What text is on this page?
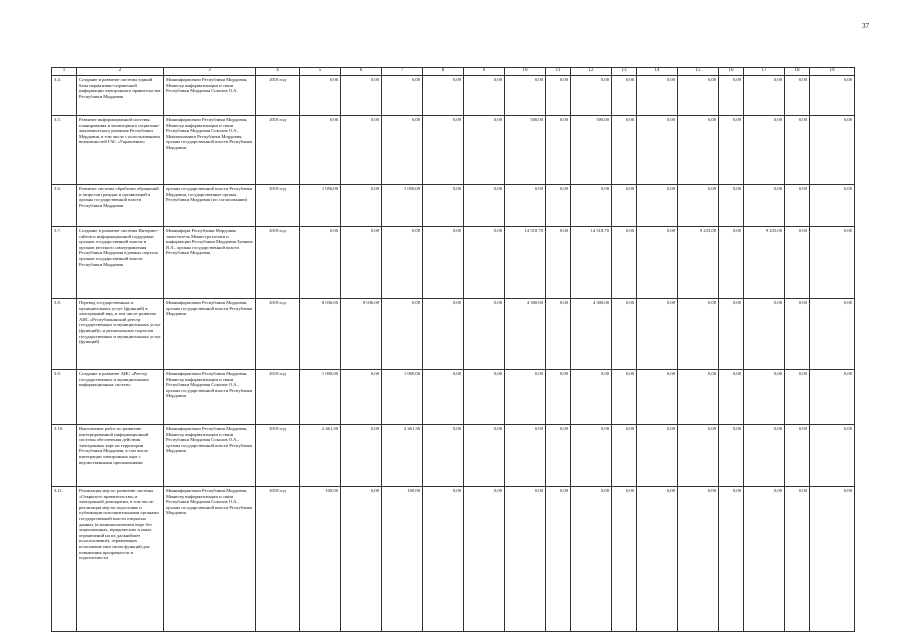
37
1	2	3	4	5	6	7	8	9	10	11	12	13	14	15	16	17	18	19
3.4.	Создание и развитие системы единой базы нормативно-справочной информации электронного правительства Республики Мордовия	Мининформсвязи Республики Мордовия, Министр информатизации и связи Республики Мордовия Соколов О.А.	2018 год	0,00	0,00	0,00	0,00	0,00	0,00	0,00	0,00	0,00	0,00	0,00	0,00	0,00	0,00	0,00
3.5.	Развитие информационной системы планирования и мониторинга социально-экономического развития Республики Мордовия, в том числе с использованием возможностей ГАС «Управление»	Мининформсвязи Республики Мордовия, Министр информатизации и связи Республики Мордовия Соколов О.А., Минэкономики Республики Мордовия, органы государственной власти Республики Мордовия	2018 год	0,00	0,00	0,00	0,00	0,00	500,00	0,00	500,00	0,00	0,00	0,00	0,00	0,00	0,00	0,00
3.6.	Развитие системы обработки обращений и запросов граждан и организаций в органы государственной власти Республики Мордовия	органы государственной власти Республики Мордовия, государственные органы Республики Мордовия (по согласованию)	2018 год	1 050,00	0,00	1 050,00	0,00	0,00	0,00	0,00	0,00	0,00	0,00	0,00	0,00	0,00	0,00	0,00
3.7.	Создание и развитие системы Интернет-сайтов и информационной поддержки органов государственной власти и органов местного самоуправления Республики Мордовия в рамках портала органов государственной власти Республики Мордовия	Мининформ Республики Мордовия, заместитель Министра печати и информации Республики Мордовия Зуенков В.А., органы государственной власти Республики Мордовия	2018 год	0,00	0,00	0,00	0,00	0,00	14 518,70	0,00	14 518,70	0,00	0,00	9 235,00	0,00	9 235,00	0,00	0,00
3.8.	Перевод государственных и муниципальных услуг (функций) в электронный вид, в том числе развитие АИС «Республиканский реестр государственных и муниципальных услуг (функций)» и региональных порталов государственных и муниципальных услуг (функций)	Мининформсвязи Республики Мордовия, органы государственной власти Республики Мордовия	2018 год	8 036,00	8 036,00	0,00	0,00	0,00	4 300,00	0,00	4 300,00	0,00	0,00	0,00	0,00	0,00	0,00	0,00
3.9.	Создание и развитие АИС «Реестр государственных и муниципальных информационных систем»	Мининформсвязи Республики Мордовия, Министр информатизации и связи Республики Мордовия Соколов О.А., органы государственной власти Республики Мордовия	2018 год	1 000,00	0,00	1 000,00	0,00	0,00	0,00	0,00	0,00	0,00	0,00	0,00	0,00	0,00	0,00	0,00
3.10.	Выполнение работ по развитию интегрированной информационной системы обеспечения действия электронных карт на территории Республики Мордовия, в том числе интеграции электронных карт с ведомственными приложениями	Мининформсвязи Республики Мордовия, Министр информатизации и связи Республики Мордовия Соколов О.А., органы государственной власти Республики Мордовия	2018 год	2 461,30	0,00	2 461,30	0,00	0,00	0,00	0,00	0,00	0,00	0,00	0,00	0,00	0,00	0,00	0,00
3.11.	Реализация мер по развитию системы «Открытого правительства» в электронной демократии, в том числе: реализация мер по подготовке и публикации исполнительными органами государственной власти открытых данных (в машиночитаемом виде без лицензионных, юридических и иных ограничений на их дальнейшее использование), отражающих исполнение ими своих функций для повышения прозрачности и подотчетности	Мининформсвязи Республики Мордовия, Министр информатизации и связи Республики Мордовия Соколов О.А., органы государственной власти Республики Мордовия	2018 год	100,00	0,00	100,00	0,00	0,00	0,00	0,00	0,00	0,00	0,00	0,00	0,00	0,00	0,00	0,00
